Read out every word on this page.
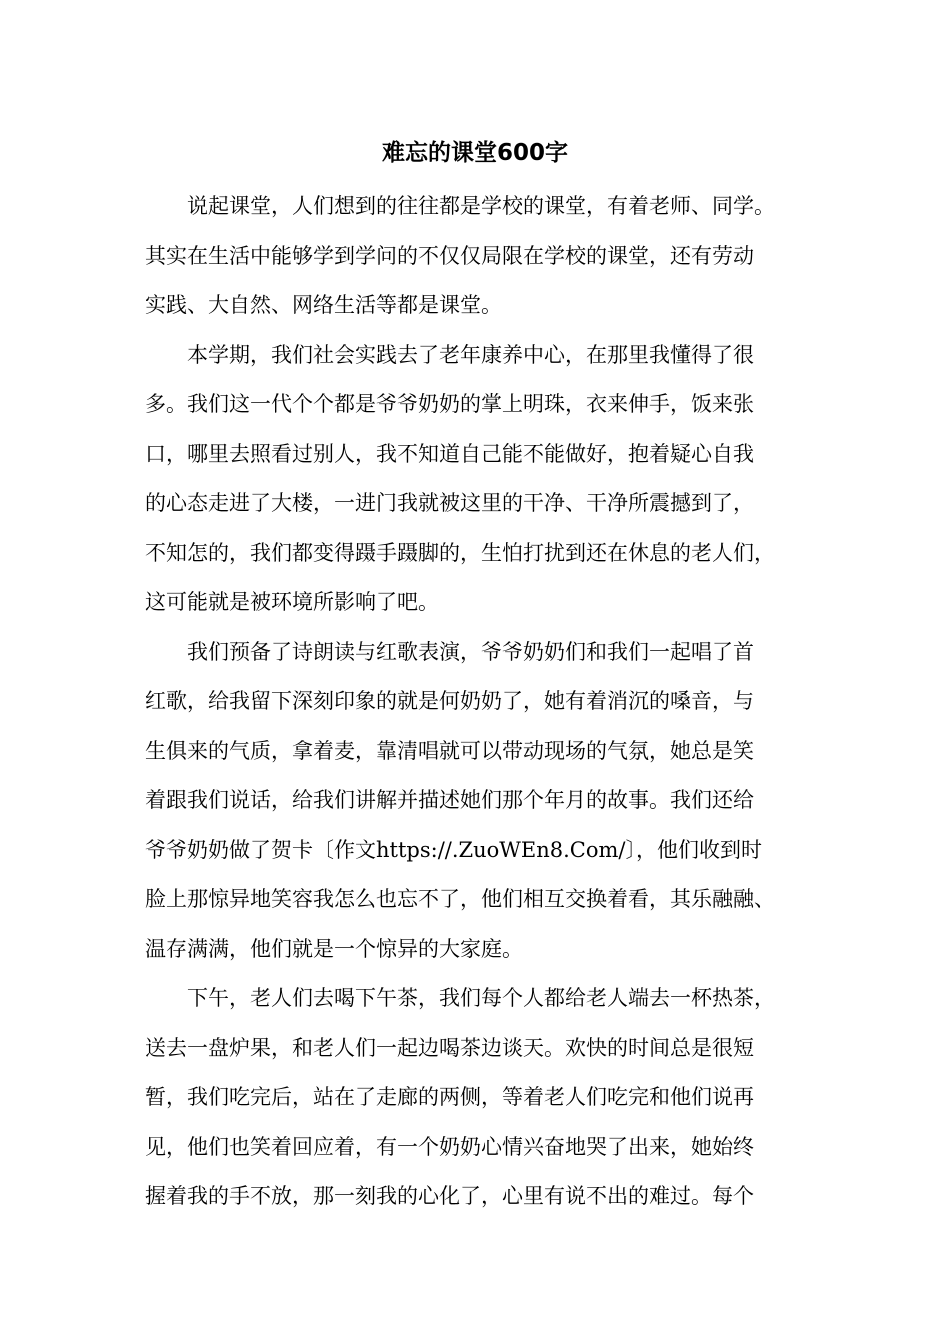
难忘的课堂600字
说起课堂，人们想到的往往都是学校的课堂，有着老师、同学。
其实在生活中能够学到学问的不仅仅局限在学校的课堂，还有劳动
实践、大自然、网络生活等都是课堂。
本学期，我们社会实践去了老年康养中心，在那里我懂得了很
多。我们这一代个个都是爷爷奶奶的掌上明珠，衣来伸手，饭来张
口，哪里去照看过别人，我不知道自己能不能做好，抱着疑心自我
的心态走进了大楼，一进门我就被这里的干净、干净所震撼到了，
不知怎的，我们都变得蹑手蹑脚的，生怕打扰到还在休息的老人们，
这可能就是被环境所影响了吧。
我们预备了诗朗读与红歌表演，爷爷奶奶们和我们一起唱了首
红歌，给我留下深刻印象的就是何奶奶了，她有着消沉的嗓音，与
生俱来的气质，拿着麦，靠清唱就可以带动现场的气氛，她总是笑
着跟我们说话，给我们讲解并描述她们那个年月的故事。我们还给
爷爷奶奶做了贺卡〔作文https://.ZuoWEn8.Com/〕，他们收到时
脸上那惊异地笑容我怎么也忘不了，他们相互交换着看，其乐融融、
温存满满，他们就是一个惊异的大家庭。
下午，老人们去喝下午茶，我们每个人都给老人端去一杯热茶，
送去一盘炉果，和老人们一起边喝茶边谈天。欢快的时间总是很短
暂，我们吃完后，站在了走廊的两侧，等着老人们吃完和他们说再
见，他们也笑着回应着，有一个奶奶心情兴奋地哭了出来，她始终
握着我的手不放，那一刻我的心化了，心里有说不出的难过。每个
